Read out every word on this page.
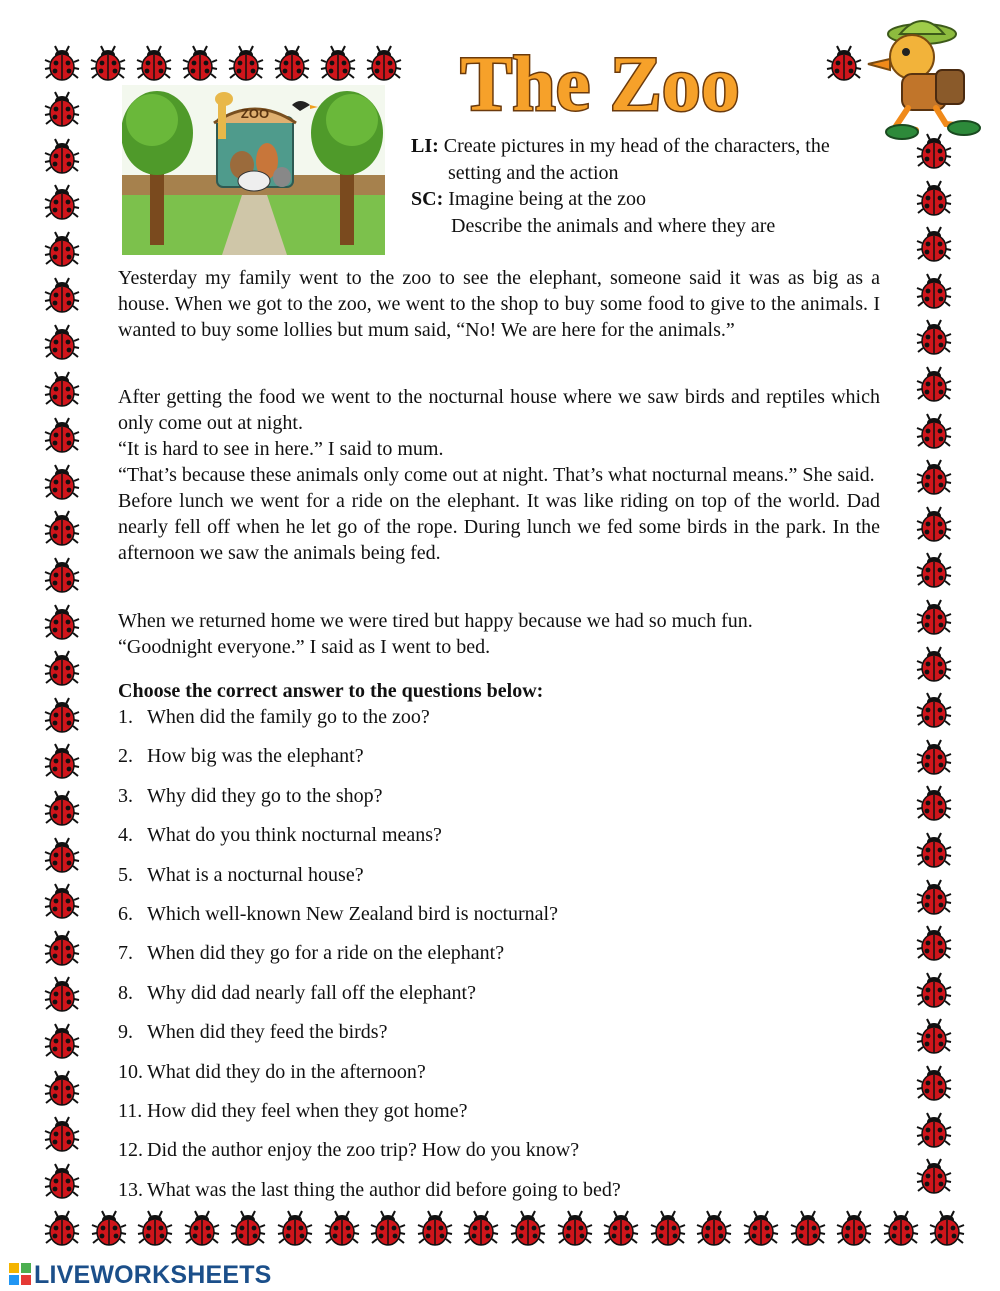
The Zoo
ZOO
LI: Create pictures in my head of the characters, the
setting and the action
SC: Imagine being at the zoo
Describe the animals and where they are

Yesterday my family went to the zoo to see the elephant, someone said it was as big as a house. When we got to the zoo, we went to the shop to buy some food to give to the animals. I wanted to buy some lollies but mum said, “No! We are here for the animals.”

After getting the food we went to the nocturnal house where we saw birds and reptiles which only come out at night.

“It is hard to see in here.” I said to mum.

“That’s because these animals only come out at night. That’s what nocturnal means.” She said.

Before lunch we went for a ride on the elephant. It was like riding on top of the world. Dad nearly fell off when he let go of the rope. During lunch we fed some birds in the park. In the afternoon we saw the animals being fed.

When we returned home we were tired but happy because we had so much fun.

“Goodnight everyone.” I said as I went to bed.

Choose the correct answer to the questions below:

1. When did the family go to the zoo?
2. How big was the elephant?
3. Why did they go to the shop?
4. What do you think nocturnal means?
5. What is a nocturnal house?
6. Which well-known New Zealand bird is nocturnal?
7. When did they go for a ride on the elephant?
8. Why did dad nearly fall off the elephant?
9. When did they feed the birds?
10. What did they do in the afternoon?
11. How did they feel when they got home?
12. Did the author enjoy the zoo trip? How do you know?
13. What was the last thing the author did before going to bed?
LIVEWORKSHEETS
